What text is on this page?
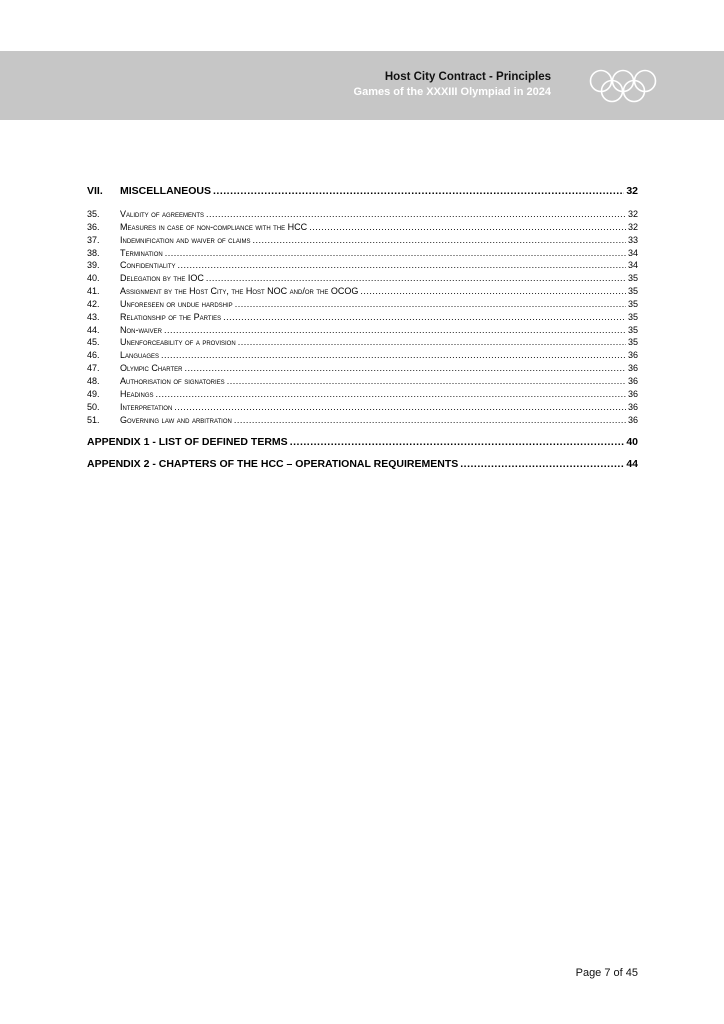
Host City Contract - Principles
Games of the XXXIII Olympiad in 2024
VII.	MISCELLANEOUS .....	32
35.	Validity of agreements .....	32
36.	Measures in case of non-compliance with the HCC .....	32
37.	Indemnification and waiver of claims .....	33
38.	Termination .....	34
39.	Confidentiality .....	34
40.	Delegation by the IOC .....	35
41.	Assignment by the Host City, the Host NOC and/or the OCOG .....	35
42.	Unforeseen or undue hardship .....	35
43.	Relationship of the Parties .....	35
44.	Non-waiver .....	35
45.	Unenforceability of a provision .....	35
46.	Languages .....	36
47.	Olympic Charter .....	36
48.	Authorisation of signatories .....	36
49.	Headings .....	36
50.	Interpretation .....	36
51.	Governing law and arbitration .....	36
APPENDIX 1 - LIST OF DEFINED TERMS .....	40
APPENDIX 2 - CHAPTERS OF THE HCC – OPERATIONAL REQUIREMENTS .....	44
Page 7 of 45
